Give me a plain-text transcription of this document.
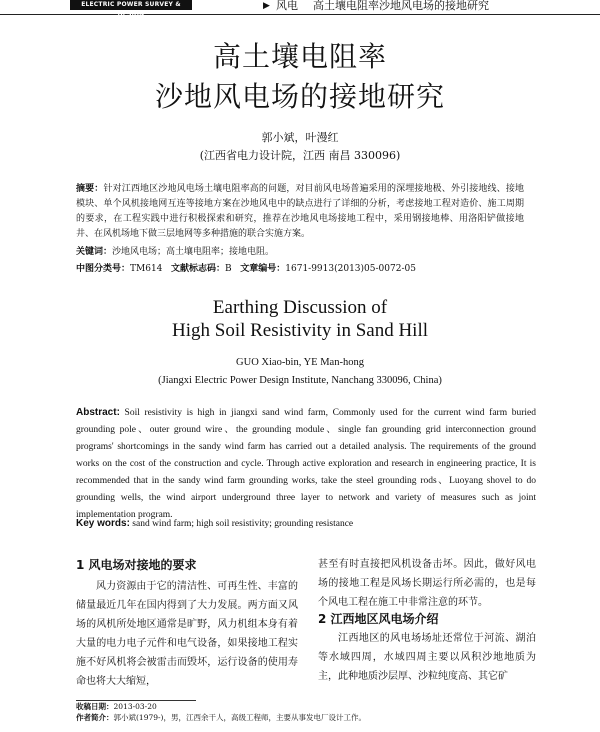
ELECTRIC POWER SURVEY & DESIGN
▶ 风电 高土壤电阻率沙地风电场的接地研究
高土壤电阻率
沙地风电场的接地研究
郭小斌，叶漫红
(江西省电力设计院，江西 南昌 330096)
摘要：针对江西地区沙地风电场土壤电阻率高的问题，对目前风电场普遍采用的深埋接地极、外引接地线、接地模块、单个风机接地网互连等接地方案在沙地风电中的缺点进行了详细的分析，考虑接地工程对造价、施工周期的要求，在工程实践中进行积极探索和研究，推荐在沙地风电场接地工程中，采用钢接地棒、用洛阳铲做接地井、在风机场地下做三层地网等多种措施的联合实施方案。
关键词：沙地风电场；高土壤电阻率；接地电阻。
中图分类号：TM614 文献标志码：B 文章编号：1671-9913(2013)05-0072-05
Earthing Discussion of
High Soil Resistivity in Sand Hill
GUO Xiao-bin, YE Man-hong
(Jiangxi Electric Power Design Institute, Nanchang 330096, China)
Abstract: Soil resistivity is high in jiangxi sand wind farm, Commonly used for the current wind farm buried grounding pole、outer ground wire、the grounding module、single fan grounding grid interconnection ground programs' shortcomings in the sandy wind farm has carried out a detailed analysis. The requirements of the ground works on the cost of the construction and cycle. Through active exploration and research in engineering practice, It is recommended that in the sandy wind farm grounding works, take the steel grounding rods、Luoyang shovel to do grounding wells, the wind airport underground three layer to network and variety of measures such as joint implementation program.
Key words: sand wind farm; high soil resistivity; grounding resistance
1 风电场对接地的要求
风力资源由于它的清洁性、可再生性、丰富的储量最近几年在国内得到了大力发展。两方面又风场的风机所处地区通常是旷野，风力机组本身有着大量的电力电子元件和电气设备，如果接地工程实施不好风机将会被雷击而毁坏，运行设备的使用寿命也将大大缩短，
甚至有时直接把风机设备击坏。因此，做好风电场的接地工程是风场长期运行所必需的，也是每个风电工程在施工中非常注意的环节。
2 江西地区风电场介绍
江西地区的风电场场址还常位于河流、湖泊等水域四周，水域四周主要以风积沙地地质为主，此种地质沙层厚、沙粒纯度高、其它矿
收稿日期：2013-03-20
作者简介：郭小斌(1979-)，男，江西余干人，高级工程师，主要从事发电厂设计工作。
